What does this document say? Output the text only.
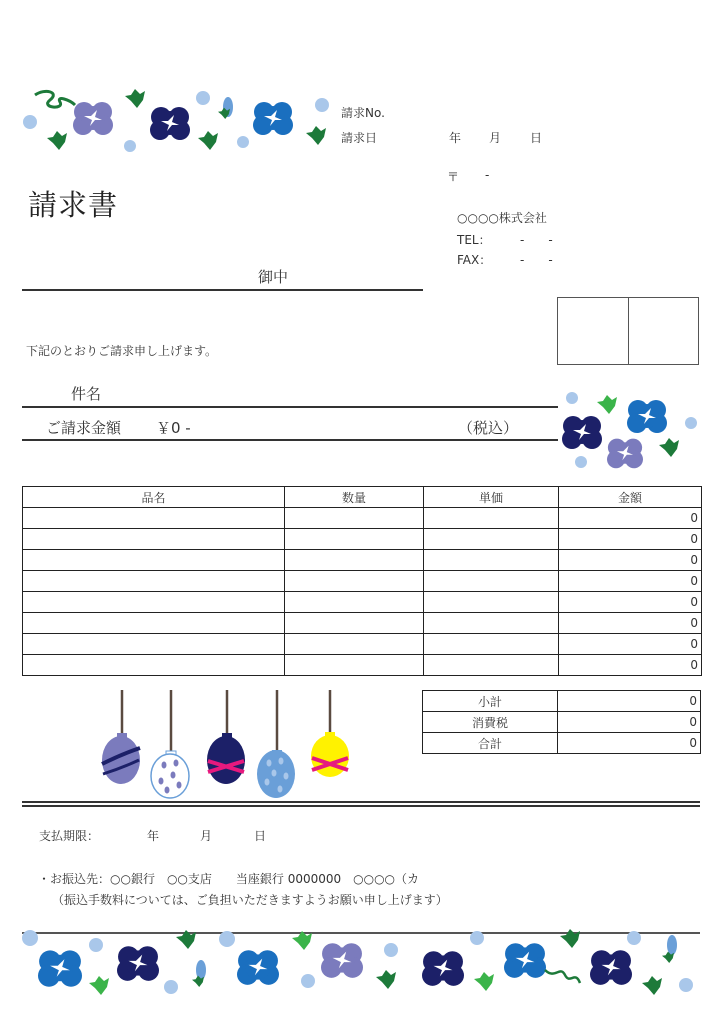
請求No.
請求日	年 月 日
〒 -
○○○○株式会社
TEL： -　　-
FAX： -　　-
請求書
御中
下記のとおりご請求申し上げます。
件名
ご請求金額 ￥0 -	（税込）
品名	数量	単価	金額
			0
			0
			0
			0
			0
			0
			0
			0
小計	0
消費税	0
合計	0
支払期限：	年	月	日
・お振込先：○○銀行　○○支店　　当座銀行 0000000　○○○○（カ
（振込手数料については、ご負担いただきますようお願い申し上げます）
